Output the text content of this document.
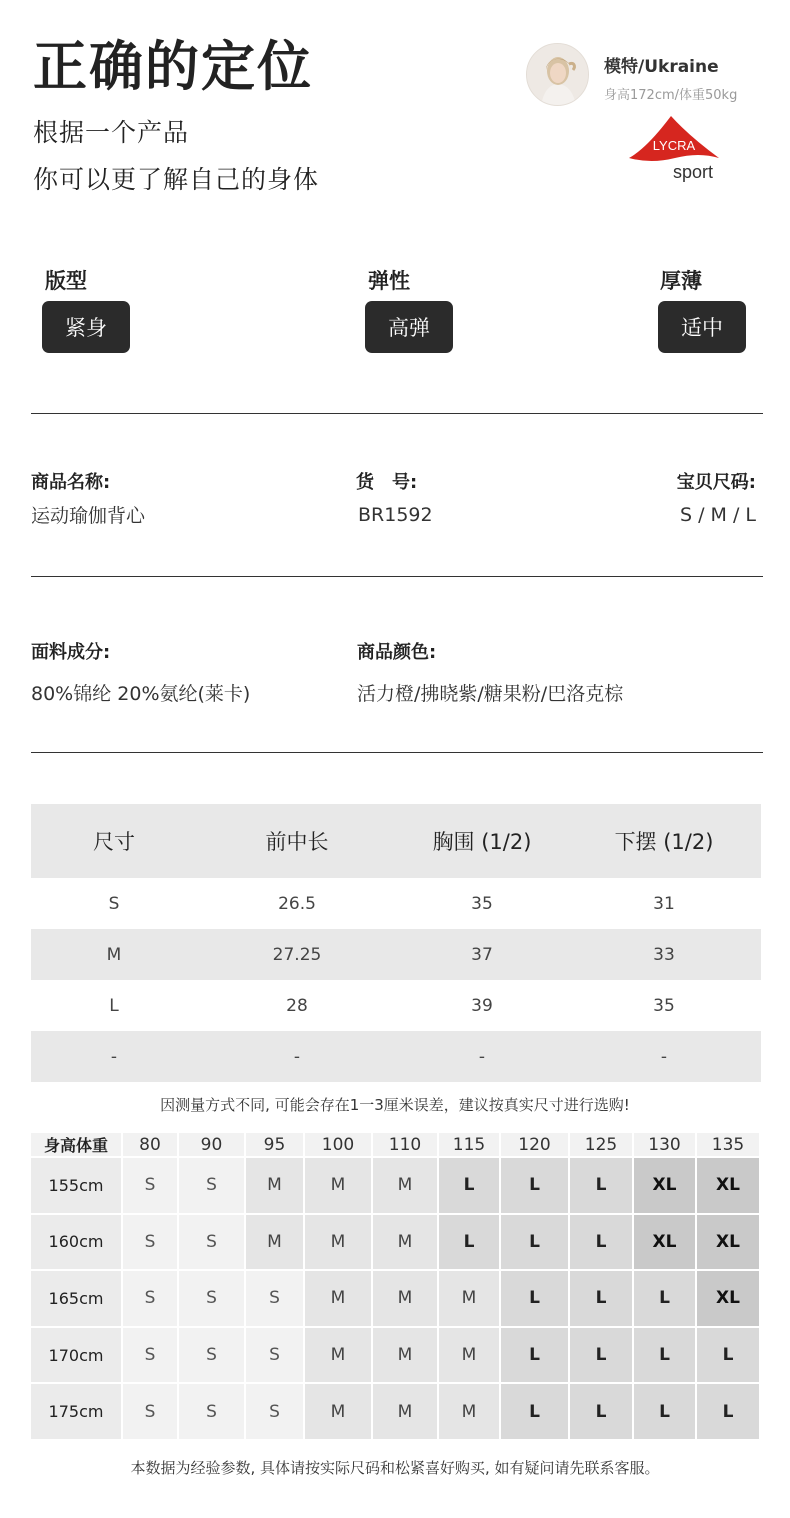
正确的定位
根据一个产品
你可以更了解自己的身体
模特/Ukraine
身高172cm/体重50kg
LYCRA
sport
版型
紧身
弹性
高弹
厚薄
适中
商品名称:
运动瑜伽背心
货　号:
BR1592
宝贝尺码:
S / M / L
面料成分:
80%锦纶 20%氨纶(莱卡)
商品颜色:
活力橙/拂晓紫/糖果粉/巴洛克棕
尺寸	前中长	胸围 (1/2)	下摆 (1/2)
S	26.5	35	31
M	27.25	37	33
L	28	39	35
-	-	-	-
因测量方式不同, 可能会存在1一3厘米误差，建议按真实尺寸进行选购!
身高体重	80	90	95	100	110	115	120	125	130	135
155cm	S	S	M	M	M	L	L	L	XL	XL
160cm	S	S	M	M	M	L	L	L	XL	XL
165cm	S	S	S	M	M	M	L	L	L	XL
170cm	S	S	S	M	M	M	L	L	L	L
175cm	S	S	S	M	M	M	L	L	L	L
本数据为经验参数, 具体请按实际尺码和松紧喜好购买, 如有疑问请先联系客服。
